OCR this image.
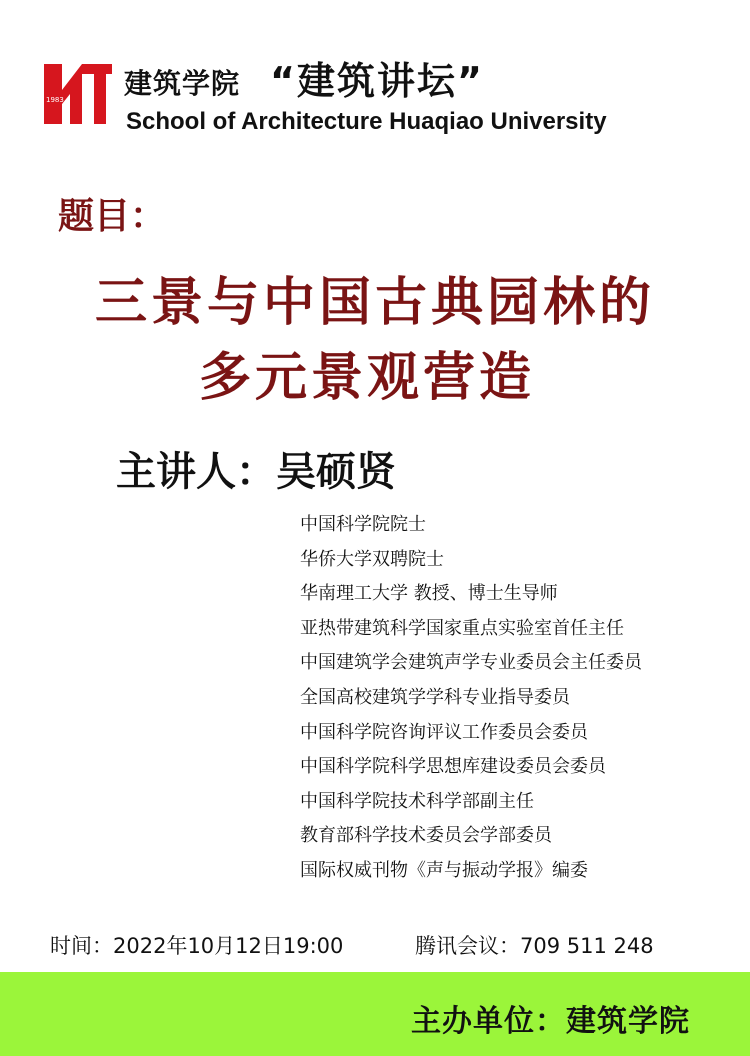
1983 建筑学院 “建筑讲坛”
School of Architecture Huaqiao University
题目：
三景与中国古典园林的
多元景观营造
主讲人：吴硕贤
中国科学院院士
华侨大学双聘院士
华南理工大学 教授、博士生导师
亚热带建筑科学国家重点实验室首任主任
中国建筑学会建筑声学专业委员会主任委员
全国高校建筑学学科专业指导委员
中国科学院咨询评议工作委员会委员
中国科学院科学思想库建设委员会委员
中国科学院技术科学部副主任
教育部科学技术委员会学部委员
国际权威刊物《声与振动学报》编委
时间：2022年10月12日19:00	腾讯会议：709 511 248
主办单位：建筑学院
